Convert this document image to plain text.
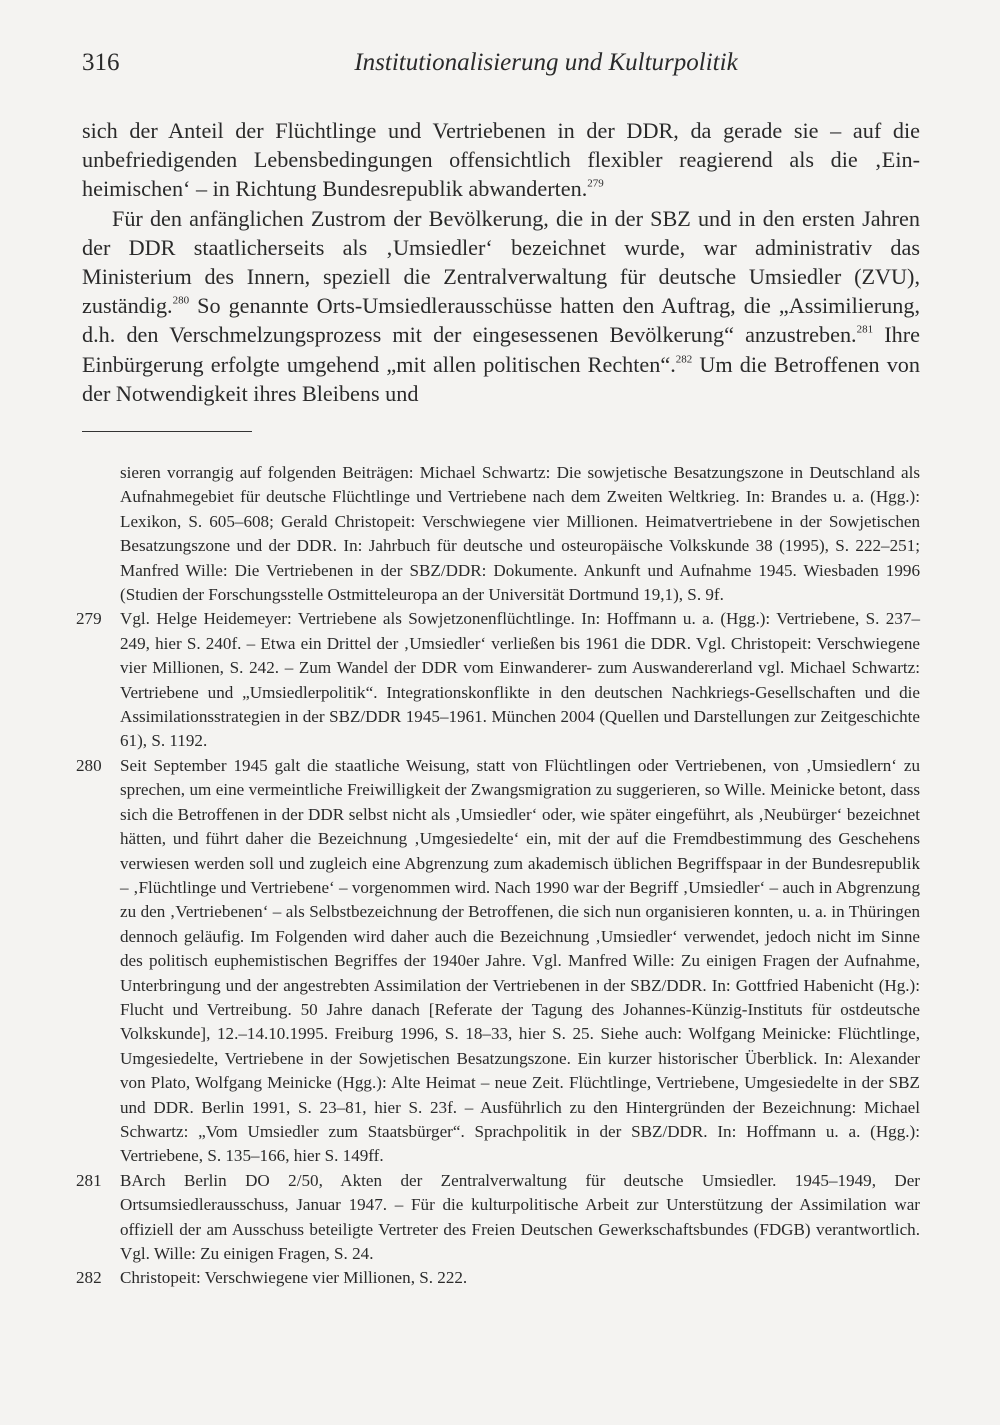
316	Institutionalisierung und Kulturpolitik

sich der Anteil der Flüchtlinge und Vertriebenen in der DDR, da gerade sie – auf die unbefriedigenden Lebensbedingungen offensichtlich flexibler reagierend als die ‚Einheimischen‘ – in Richtung Bundesrepublik abwanderten.$^{279}$

Für den anfänglichen Zustrom der Bevölkerung, die in der SBZ und in den ersten Jahren der DDR staatlicherseits als ‚Umsiedler‘ bezeichnet wurde, war administrativ das Ministerium des Innern, speziell die Zentralverwaltung für deutsche Umsiedler (ZVU), zuständig.$^{280}$ So genannte Orts-Umsiedlerausschüsse hatten den Auftrag, die „Assimilierung, d.h. den Verschmelzungsprozess mit der eingesessenen Bevölkerung“ anzustreben.$^{281}$ Ihre Einbürgerung erfolgte umgehend „mit allen politischen Rechten“.$^{282}$ Um die Betroffenen von der Notwendigkeit ihres Bleibens und

sieren vorrangig auf folgenden Beiträgen: Michael Schwartz: Die sowjetische Besatzungszone in Deutschland als Aufnahmegebiet für deutsche Flüchtlinge und Vertriebene nach dem Zweiten Weltkrieg. In: Brandes u. a. (Hgg.): Lexikon, S. 605–608; Gerald Christopeit: Verschwiegene vier Millionen. Heimatvertriebene in der Sowjetischen Besatzungszone und der DDR. In: Jahrbuch für deutsche und osteuropäische Volkskunde 38 (1995), S. 222–251; Manfred Wille: Die Vertriebenen in der SBZ/DDR: Dokumente. Ankunft und Aufnahme 1945. Wiesbaden 1996 (Studien der Forschungsstelle Ostmitteleuropa an der Universität Dortmund 19,1), S. 9f.

279 Vgl. Helge Heidemeyer: Vertriebene als Sowjetzonenflüchtlinge. In: Hoffmann u. a. (Hgg.): Vertriebene, S. 237–249, hier S. 240f. – Etwa ein Drittel der ‚Umsiedler‘ verließen bis 1961 die DDR. Vgl. Christopeit: Verschwiegene vier Millionen, S. 242. – Zum Wandel der DDR vom Einwanderer- zum Auswandererland vgl. Michael Schwartz: Vertriebene und „Umsiedlerpolitik“. Integrationskonflikte in den deutschen Nachkriegs-Gesellschaften und die Assimilationsstrategien in der SBZ/DDR 1945–1961. München 2004 (Quellen und Darstellungen zur Zeitgeschichte 61), S. 1192.

280 Seit September 1945 galt die staatliche Weisung, statt von Flüchtlingen oder Vertriebenen, von ‚Umsiedlern‘ zu sprechen, um eine vermeintliche Freiwilligkeit der Zwangsmigration zu suggerieren, so Wille. Meinicke betont, dass sich die Betroffenen in der DDR selbst nicht als ‚Umsiedler‘ oder, wie später eingeführt, als ‚Neubürger‘ bezeichnet hätten, und führt daher die Bezeichnung ‚Umgesiedelte‘ ein, mit der auf die Fremdbestimmung des Geschehens verwiesen werden soll und zugleich eine Abgrenzung zum akademisch üblichen Begriffspaar in der Bundesrepublik – ‚Flüchtlinge und Vertriebene‘ – vorgenommen wird. Nach 1990 war der Begriff ‚Umsiedler‘ – auch in Abgrenzung zu den ‚Vertriebenen‘ – als Selbstbezeichnung der Betroffenen, die sich nun organisieren konnten, u. a. in Thüringen dennoch geläufig. Im Folgenden wird daher auch die Bezeichnung ‚Umsiedler‘ verwendet, jedoch nicht im Sinne des politisch euphemistischen Begriffes der 1940er Jahre. Vgl. Manfred Wille: Zu einigen Fragen der Aufnahme, Unterbringung und der angestrebten Assimilation der Vertriebenen in der SBZ/DDR. In: Gottfried Habenicht (Hg.): Flucht und Vertreibung. 50 Jahre danach [Referate der Tagung des Johannes-Künzig-Instituts für ostdeutsche Volkskunde], 12.–14.10.1995. Freiburg 1996, S. 18–33, hier S. 25. Siehe auch: Wolfgang Meinicke: Flüchtlinge, Umgesiedelte, Vertriebene in der Sowjetischen Besatzungszone. Ein kurzer historischer Überblick. In: Alexander von Plato, Wolfgang Meinicke (Hgg.): Alte Heimat – neue Zeit. Flüchtlinge, Vertriebene, Umgesiedelte in der SBZ und DDR. Berlin 1991, S. 23–81, hier S. 23f. – Ausführlich zu den Hintergründen der Bezeichnung: Michael Schwartz: „Vom Umsiedler zum Staatsbürger“. Sprachpolitik in der SBZ/DDR. In: Hoffmann u. a. (Hgg.): Vertriebene, S. 135–166, hier S. 149ff.

281 BArch Berlin DO 2/50, Akten der Zentralverwaltung für deutsche Umsiedler. 1945–1949, Der Ortsumsiedlerausschuss, Januar 1947. – Für die kulturpolitische Arbeit zur Unterstützung der Assimilation war offiziell der am Ausschuss beteiligte Vertreter des Freien Deutschen Gewerkschaftsbundes (FDGB) verantwortlich. Vgl. Wille: Zu einigen Fragen, S. 24.

282 Christopeit: Verschwiegene vier Millionen, S. 222.
